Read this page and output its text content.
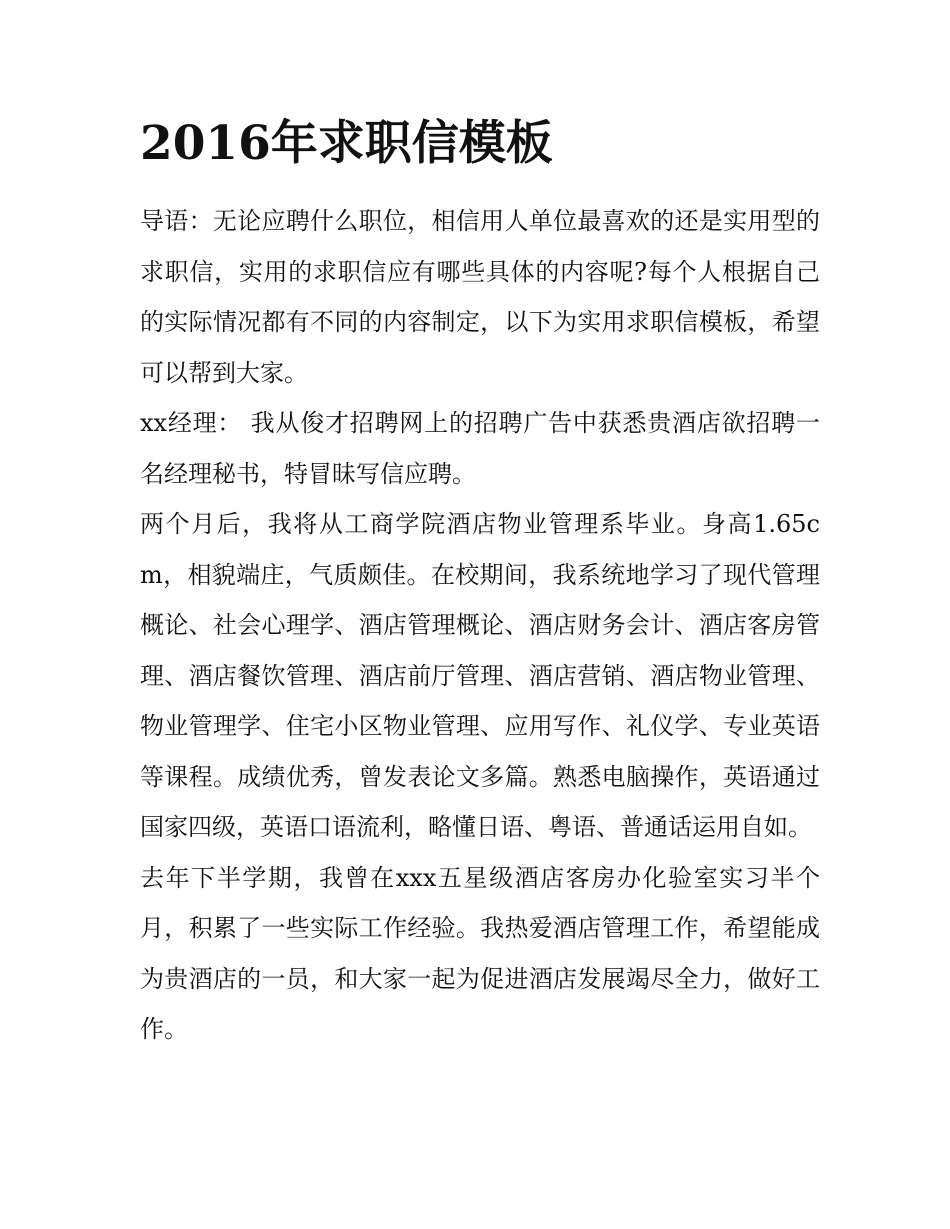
2016年求职信模板

导语：无论应聘什么职位，相信用人单位最喜欢的还是实用型的求职信，实用的求职信应有哪些具体的内容呢?每个人根据自己的实际情况都有不同的内容制定，以下为实用求职信模板，希望可以帮到大家。

xx经理： 我从俊才招聘网上的招聘广告中获悉贵酒店欲招聘一名经理秘书，特冒昧写信应聘。

两个月后，我将从工商学院酒店物业管理系毕业。身高1.65cm，相貌端庄，气质颇佳。在校期间，我系统地学习了现代管理概论、社会心理学、酒店管理概论、酒店财务会计、酒店客房管理、酒店餐饮管理、酒店前厅管理、酒店营销、酒店物业管理、物业管理学、住宅小区物业管理、应用写作、礼仪学、专业英语等课程。成绩优秀，曾发表论文多篇。熟悉电脑操作，英语通过国家四级，英语口语流利，略懂日语、粤语、普通话运用自如。

去年下半学期，我曾在xxx五星级酒店客房办化验室实习半个月，积累了一些实际工作经验。我热爱酒店管理工作，希望能成为贵酒店的一员，和大家一起为促进酒店发展竭尽全力，做好工作。
